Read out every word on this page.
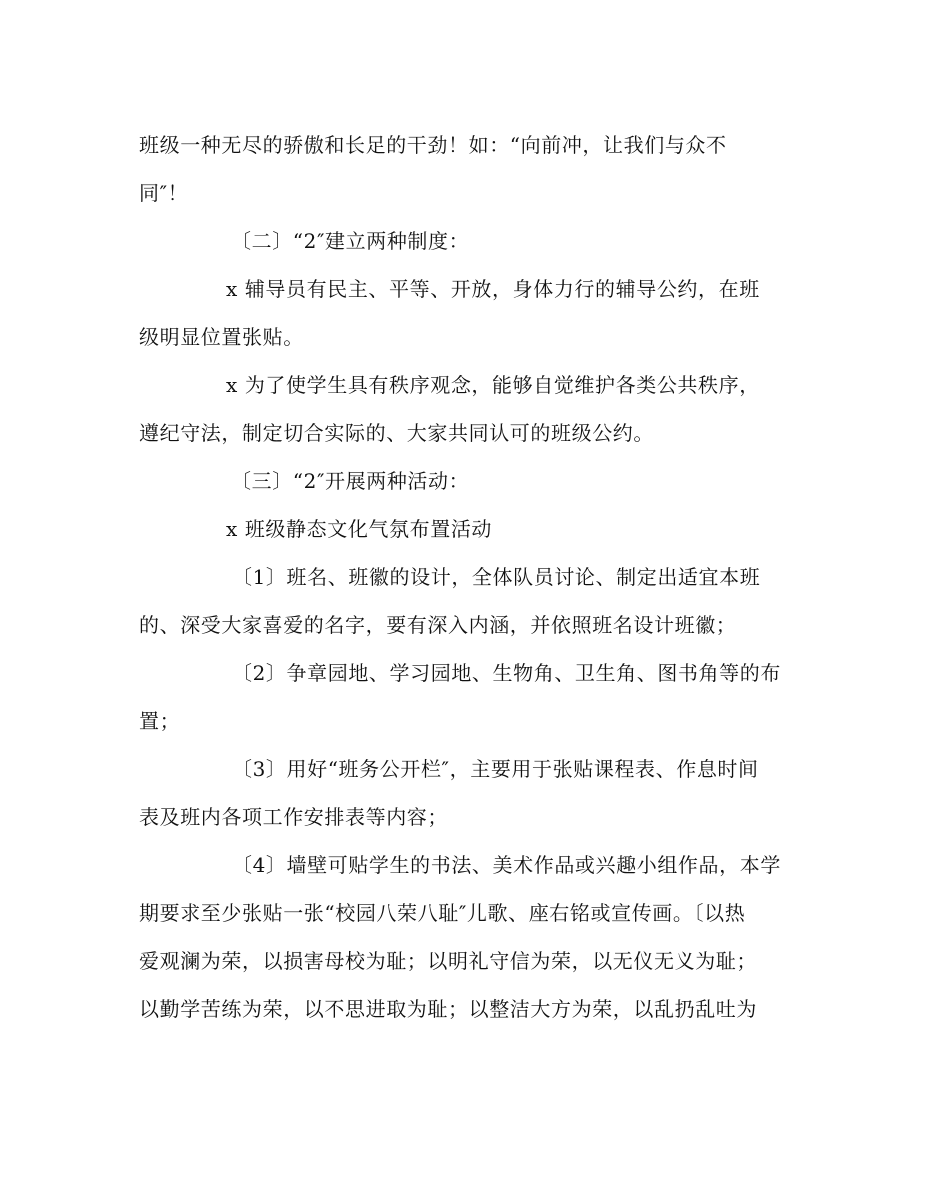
班级一种无尽的骄傲和长足的干劲！如：“向前冲，让我们与众不
同″！
〔二〕“2″建立两种制度：
x 辅导员有民主、平等、开放，身体力行的辅导公约，在班
级明显位置张贴。
x 为了使学生具有秩序观念，能够自觉维护各类公共秩序，
遵纪守法，制定切合实际的、大家共同认可的班级公约。
〔三〕“2″开展两种活动：
x 班级静态文化气氛布置活动
〔1〕班名、班徽的设计，全体队员讨论、制定出适宜本班
的、深受大家喜爱的名字，要有深入内涵，并依照班名设计班徽；
〔2〕争章园地、学习园地、生物角、卫生角、图书角等的布
置；
〔3〕用好“班务公开栏″，主要用于张贴课程表、作息时间
表及班内各项工作安排表等内容；
〔4〕墙壁可贴学生的书法、美术作品或兴趣小组作品，本学
期要求至少张贴一张“校园八荣八耻″儿歌、座右铭或宣传画。〔以热
爱观澜为荣，以损害母校为耻；以明礼守信为荣，以无仪无义为耻；
以勤学苦练为荣，以不思进取为耻；以整洁大方为荣，以乱扔乱吐为
